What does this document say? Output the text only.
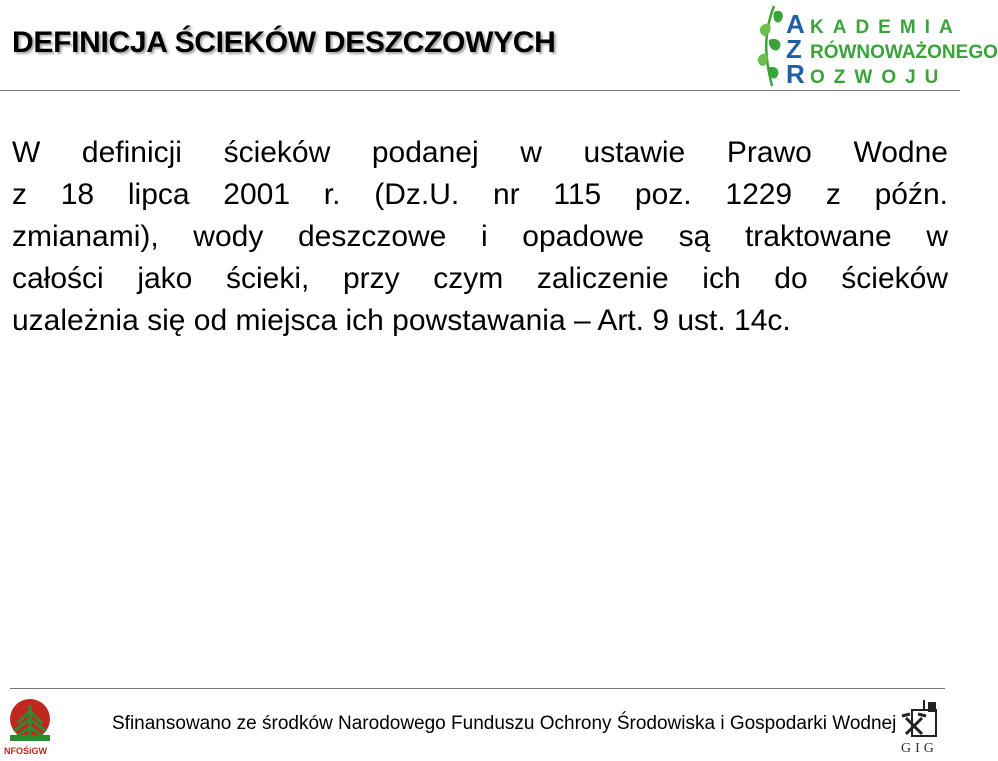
DEFINICJA ŚCIEKÓW DESZCZOWYCH
A KADEMIA
Z RÓWNOWAŻONEGO
R OZWOJU
W definicji ścieków podanej w ustawie Prawo Wodne
z 18 lipca 2001 r. (Dz.U. nr 115 poz. 1229 z późn.
zmianami), wody deszczowe i opadowe są traktowane w
całości jako ścieki, przy czym zaliczenie ich do ścieków
uzależnia się od miejsca ich powstawania – Art. 9 ust. 14c.
NFOŚiGW
Sfinansowano ze środków Narodowego Funduszu Ochrony Środowiska i Gospodarki Wodnej
GIG
